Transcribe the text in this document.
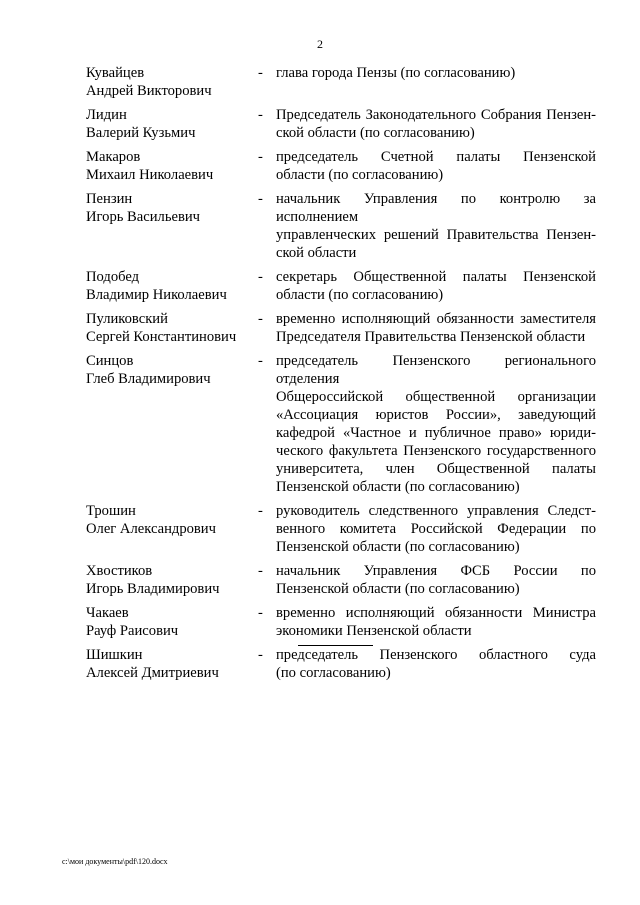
2
Кувайцев
Андрей Викторович
- глава города Пензы (по согласованию)
Лидин
Валерий Кузьмич
- Председатель Законодательного Собрания Пензен-
ской области (по согласованию)
Макаров
Михаил Николаевич
- председатель Счетной палаты Пензенской
области (по согласованию)
Пензин
Игорь Васильевич
- начальник Управления по контролю за исполнением
управленческих решений Правительства Пензен-
ской области
Подобед
Владимир Николаевич
- секретарь Общественной палаты Пензенской
области (по согласованию)
Пуликовский
Сергей Константинович
- временно исполняющий обязанности заместителя
Председателя Правительства Пензенской области
Синцов
Глеб Владимирович
- председатель Пензенского регионального отделения
Общероссийской общественной организации
«Ассоциация юристов России», заведующий
кафедрой «Частное и публичное право» юриди-
ческого факультета Пензенского государственного
университета, член Общественной палаты
Пензенской области (по согласованию)
Трошин
Олег Александрович
- руководитель следственного управления Следст-
венного комитета Российской Федерации по
Пензенской области (по согласованию)
Хвостиков
Игорь Владимирович
- начальник Управления ФСБ России по
Пензенской области (по согласованию)
Чакаев
Рауф Раисович
- временно исполняющий обязанности Министра
экономики Пензенской области
Шишкин
Алексей Дмитриевич
- председатель Пензенского областного суда
(по согласованию)
c:\мои документы\pdf\120.docx
